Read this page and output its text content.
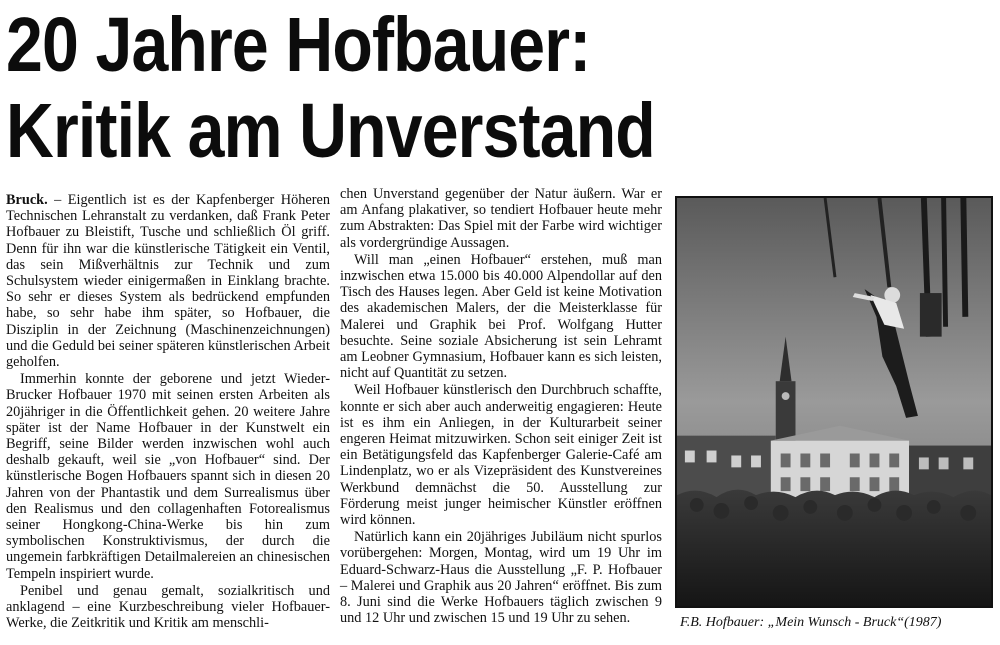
20 Jahre Hofbauer:
Kritik am Unverstand

Bruck. – Eigentlich ist es der Kapfenberger Höheren Technischen Lehranstalt zu verdanken, daß Frank Peter Hofbauer zu Bleistift, Tusche und schließlich Öl griff. Denn für ihn war die künstlerische Tätigkeit ein Ventil, das sein Mißverhältnis zur Technik und zum Schulsystem wieder einigermaßen in Einklang brachte. So sehr er dieses System als bedrückend empfunden habe, so sehr habe ihm später, so Hofbauer, die Disziplin in der Zeichnung (Maschinenzeichnungen) und die Geduld bei seiner späteren künstlerischen Arbeit geholfen.

Immerhin konnte der geborene und jetzt Wieder-Brucker Hofbauer 1970 mit seinen ersten Arbeiten als 20jähriger in die Öffentlichkeit gehen. 20 weitere Jahre später ist der Name Hofbauer in der Kunstwelt ein Begriff, seine Bilder werden inzwischen wohl auch deshalb gekauft, weil sie „von Hofbauer“ sind. Der künstlerische Bogen Hofbauers spannt sich in diesen 20 Jahren von der Phantastik und dem Surrealismus über den Realismus und den collagenhaften Fotorealismus seiner Hongkong-China-Werke bis hin zum symbolischen Konstruktivismus, der durch die ungemein farbkräftigen Detailmalereien an chinesischen Tempeln inspiriert wurde.

Penibel und genau gemalt, sozialkritisch und anklagend – eine Kurzbeschreibung vieler Hofbauer-Werke, die Zeitkritik und Kritik am menschli-

chen Unverstand gegenüber der Natur äußern. War er am Anfang plakativer, so tendiert Hofbauer heute mehr zum Abstrakten: Das Spiel mit der Farbe wird wichtiger als vordergründige Aussagen.

Will man „einen Hofbauer“ erstehen, muß man inzwischen etwa 15.000 bis 40.000 Alpendollar auf den Tisch des Hauses legen. Aber Geld ist keine Motivation des akademischen Malers, der die Meisterklasse für Malerei und Graphik bei Prof. Wolfgang Hutter besuchte. Seine soziale Absicherung ist sein Lehramt am Leobner Gymnasium, Hofbauer kann es sich leisten, nicht auf Quantität zu setzen.

Weil Hofbauer künstlerisch den Durchbruch schaffte, konnte er sich aber auch anderweitig engagieren: Heute ist es ihm ein Anliegen, in der Kulturarbeit seiner engeren Heimat mitzuwirken. Schon seit einiger Zeit ist ein Betätigungsfeld das Kapfenberger Galerie-Café am Lindenplatz, wo er als Vizepräsident des Kunstvereines Werkbund demnächst die 50. Ausstellung zur Förderung meist junger heimischer Künstler eröffnen wird können.

Natürlich kann ein 20jähriges Jubiläum nicht spurlos vorübergehen: Morgen, Montag, wird um 19 Uhr im Eduard-Schwarz-Haus die Ausstellung „F. P. Hofbauer – Malerei und Graphik aus 20 Jahren“ eröffnet. Bis zum 8. Juni sind die Werke Hofbauers täglich zwischen 9 und 12 Uhr und zwischen 15 und 19 Uhr zu sehen.	F.B. Hofbauer: „Mein Wunsch - Bruck“(1987)
